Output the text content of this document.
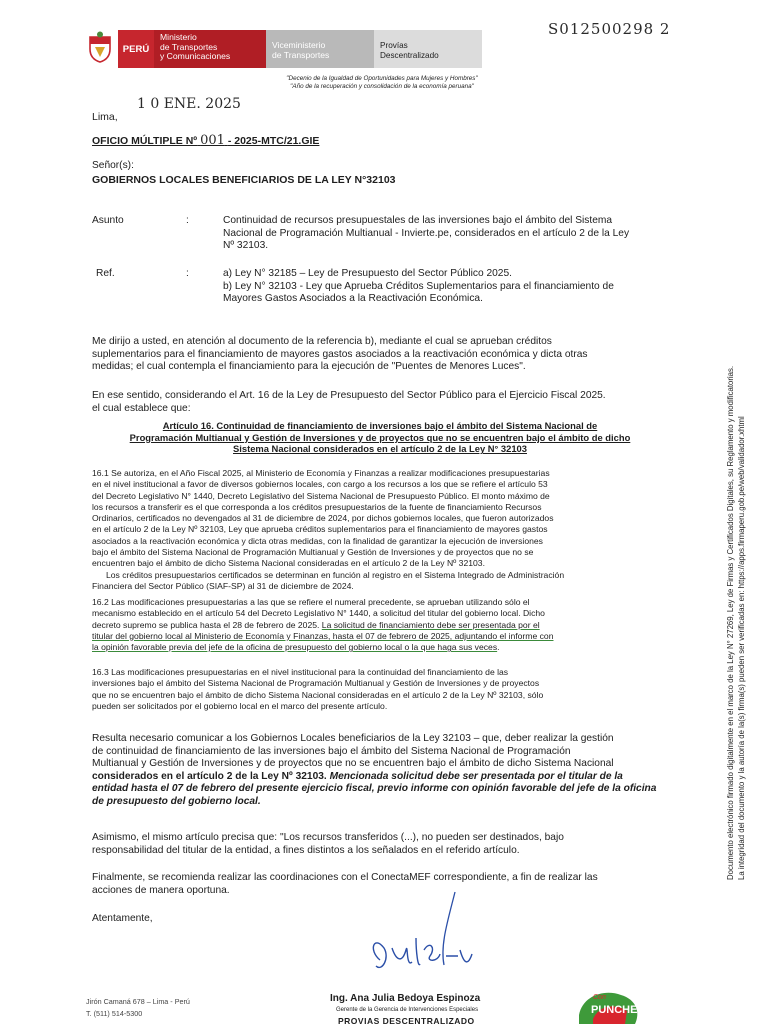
S012500298 2
PERÚ
Ministerio
de Transportes
y Comunicaciones
Viceministerio
de Transportes
Provías
Descentralizado
"Decenio de la Igualdad de Oportunidades para Mujeres y Hombres"
"Año de la recuperación y consolidación de la economía peruana"
Lima,
1 0 ENE. 2025
OFICIO MÚLTIPLE Nº 001 - 2025-MTC/21.GIE
Señor(s):
GOBIERNOS LOCALES BENEFICIARIOS DE LA LEY N°32103
Asunto	:	Continuidad de recursos presupuestales de las inversiones bajo el ámbito del Sistema
Nacional de Programación Multianual - Invierte.pe, considerados en el artículo 2 de la Ley
Nº 32103.
Ref.	:	a) Ley N° 32185 – Ley de Presupuesto del Sector Público 2025.
b) Ley N° 32103 - Ley que Aprueba Créditos Suplementarios para el financiamiento de
Mayores Gastos Asociados a la Reactivación Económica.
Me dirijo a usted, en atención al documento de la referencia b), mediante el cual se aprueban créditos
suplementarios para el financiamiento de mayores gastos asociados a la reactivación económica y dicta otras
medidas; el cual contempla el financiamiento para la ejecución de "Puentes de Menores Luces".
En ese sentido, considerando el Art. 16 de la Ley de Presupuesto del Sector Público para el Ejercicio Fiscal 2025.
el cual establece que:
Artículo 16. Continuidad de financiamiento de inversiones bajo el ámbito del Sistema Nacional de
Programación Multianual y Gestión de Inversiones y de proyectos que no se encuentren bajo el ámbito de dicho
Sistema Nacional considerados en el artículo 2 de la Ley N° 32103
16.1 Se autoriza, en el Año Fiscal 2025, al Ministerio de Economía y Finanzas a realizar modificaciones presupuestarias
en el nivel institucional a favor de diversos gobiernos locales, con cargo a los recursos a los que se refiere el artículo 53
del Decreto Legislativo N° 1440, Decreto Legislativo del Sistema Nacional de Presupuesto Público. El monto máximo de
los recursos a transferir es el que corresponda a los créditos presupuestarios de la fuente de financiamiento Recursos
Ordinarios, certificados no devengados al 31 de diciembre de 2024, por dichos gobiernos locales, que fueron autorizados
en el artículo 2 de la Ley Nº 32103, Ley que aprueba créditos suplementarios para el financiamiento de mayores gastos
asociados a la reactivación económica y dicta otras medidas, con la finalidad de garantizar la ejecución de inversiones
bajo el ámbito del Sistema Nacional de Programación Multianual y Gestión de Inversiones y de proyectos que no se
encuentren bajo el ámbito de dicho Sistema Nacional consideradas en el artículo 2 de la Ley Nº 32103.
Los créditos presupuestarios certificados se determinan en función al registro en el Sistema Integrado de Administración
Financiera del Sector Público (SIAF-SP) al 31 de diciembre de 2024.
16.2 Las modificaciones presupuestarias a las que se refiere el numeral precedente, se aprueban utilizando sólo el
mecanismo establecido en el artículo 54 del Decreto Legislativo N° 1440, a solicitud del titular del gobierno local. Dicho
decreto supremo se publica hasta el 28 de febrero de 2025. La solicitud de financiamiento debe ser presentada por el
titular del gobierno local al Ministerio de Economía y Finanzas, hasta el 07 de febrero de 2025, adjuntando el informe con
la opinión favorable previa del jefe de la oficina de presupuesto del gobierno local o la que haga sus veces.
16.3 Las modificaciones presupuestarias en el nivel institucional para la continuidad del financiamiento de las
inversiones bajo el ámbito del Sistema Nacional de Programación Multianual y Gestión de Inversiones y de proyectos
que no se encuentren bajo el ámbito de dicho Sistema Nacional consideradas en el artículo 2 de la Ley Nº 32103, sólo
pueden ser solicitados por el gobierno local en el marco del presente artículo.
Resulta necesario comunicar a los Gobiernos Locales beneficiarios de la Ley 32103 – que, deber realizar la gestión
de continuidad de financiamiento de las inversiones bajo el ámbito del Sistema Nacional de Programación
Multianual y Gestión de Inversiones y de proyectos que no se encuentren bajo el ámbito de dicho Sistema Nacional
considerados en el artículo 2 de la Ley Nº 32103. Mencionada solicitud debe ser presentada por el titular de la
entidad hasta el 07 de febrero del presente ejercicio fiscal, previo informe con opinión favorable del jefe de la oficina
de presupuesto del gobierno local.
Asimismo, el mismo artículo precisa que: "Los recursos transferidos (...), no pueden ser destinados, bajo
responsabilidad del titular de la entidad, a fines distintos a los señalados en el referido artículo.
Finalmente, se recomienda realizar las coordinaciones con el ConectaMEF correspondiente, a fin de realizar las
acciones de manera oportuna.
Atentamente,
Ing. Ana Julia Bedoya Espinoza
Gerente de la Gerencia de Intervenciones Especiales
PROVIAS DESCENTRALIZADO
Jirón Camaná 678 – Lima - Perú
T. (511) 514-5300
Con
PUNCHE
Documento electrónico firmado digitalmente en el marco de la Ley N° 27269, Ley de Firmas y Certificados Digitales, su Reglamento y modificatorias. La integridad del documento y la autoría de la(s) firma(s) pueden ser verificadas en: https://apps.firmaperu.gob.pe/web/validador.xhtml
